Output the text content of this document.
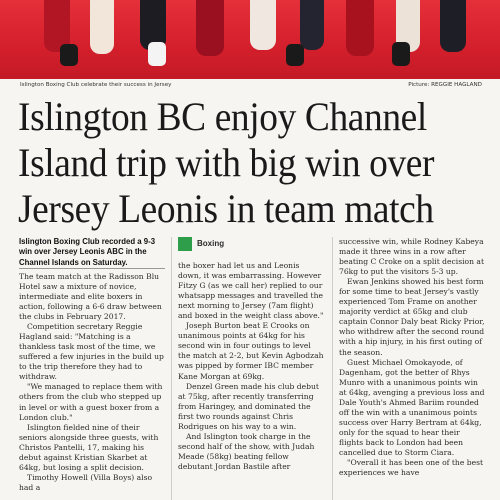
Islington Boxing Club celebrate their success in Jersey	Picture: REGGIE HAGLAND
Islington BC enjoy Channel Island trip with big win over Jersey Leonis in team match

Islington Boxing Club recorded a 9-3 win over Jersey Leonis ABC in the Channel Islands on Saturday.

The team match at the Radisson Blu Hotel saw a mixture of novice, intermediate and elite boxers in action, following a 6-6 draw between the clubs in February 2017.

Competition secretary Reggie Hagland said: "Matching is a thankless task most of the time, we suffered a few injuries in the build up to the trip therefore they had to withdraw.

"We managed to replace them with others from the club who stepped up in level or with a guest boxer from a London club."

Islington fielded nine of their seniors alongside three guests, with Christos Pantelli, 17, making his debut against Kristian Skarbet at 64kg, but losing a split decision.

Timothy Howell (Villa Boys) also had a

Boxing

the boxer had let us and Leonis down, it was embarrassing. However Fitzy G (as we call her) replied to our whatsapp messages and travelled the next morning to Jersey (7am flight) and boxed in the weight class above."

Joseph Burton beat E Crooks on unanimous points at 64kg for his second win in four outings to level the match at 2-2, but Kevin Agbodzah was pipped by former IBC member Kane Morgan at 69kg.

Denzel Green made his club debut at 75kg, after recently transferring from Haringey, and dominated the first two rounds against Chris Rodrigues on his way to a win.

And Islington took charge in the second half of the show, with Judah Meade (58kg) beating fellow debutant Jordan Bastile after

successive win, while Rodney Kabeya made it three wins in a row after beating C Croke on a split decision at 76kg to put the visitors 5-3 up.

Ewan Jenkins showed his best form for some time to beat Jersey's vastly experienced Tom Frame on another majority verdict at 65kg and club captain Connor Daly beat Ricky Prior, who withdrew after the second round with a hip injury, in his first outing of the season.

Guest Michael Omokayode, of Dagenham, got the better of Rhys Munro with a unanimous points win at 64kg, avenging a previous loss and Dale Youth's Ahmed Bariim rounded off the win with a unanimous points success over Harry Bertram at 64kg, only for the squad to hear their flights back to London had been cancelled due to Storm Ciara.

"Overall it has been one of the best experiences we have
